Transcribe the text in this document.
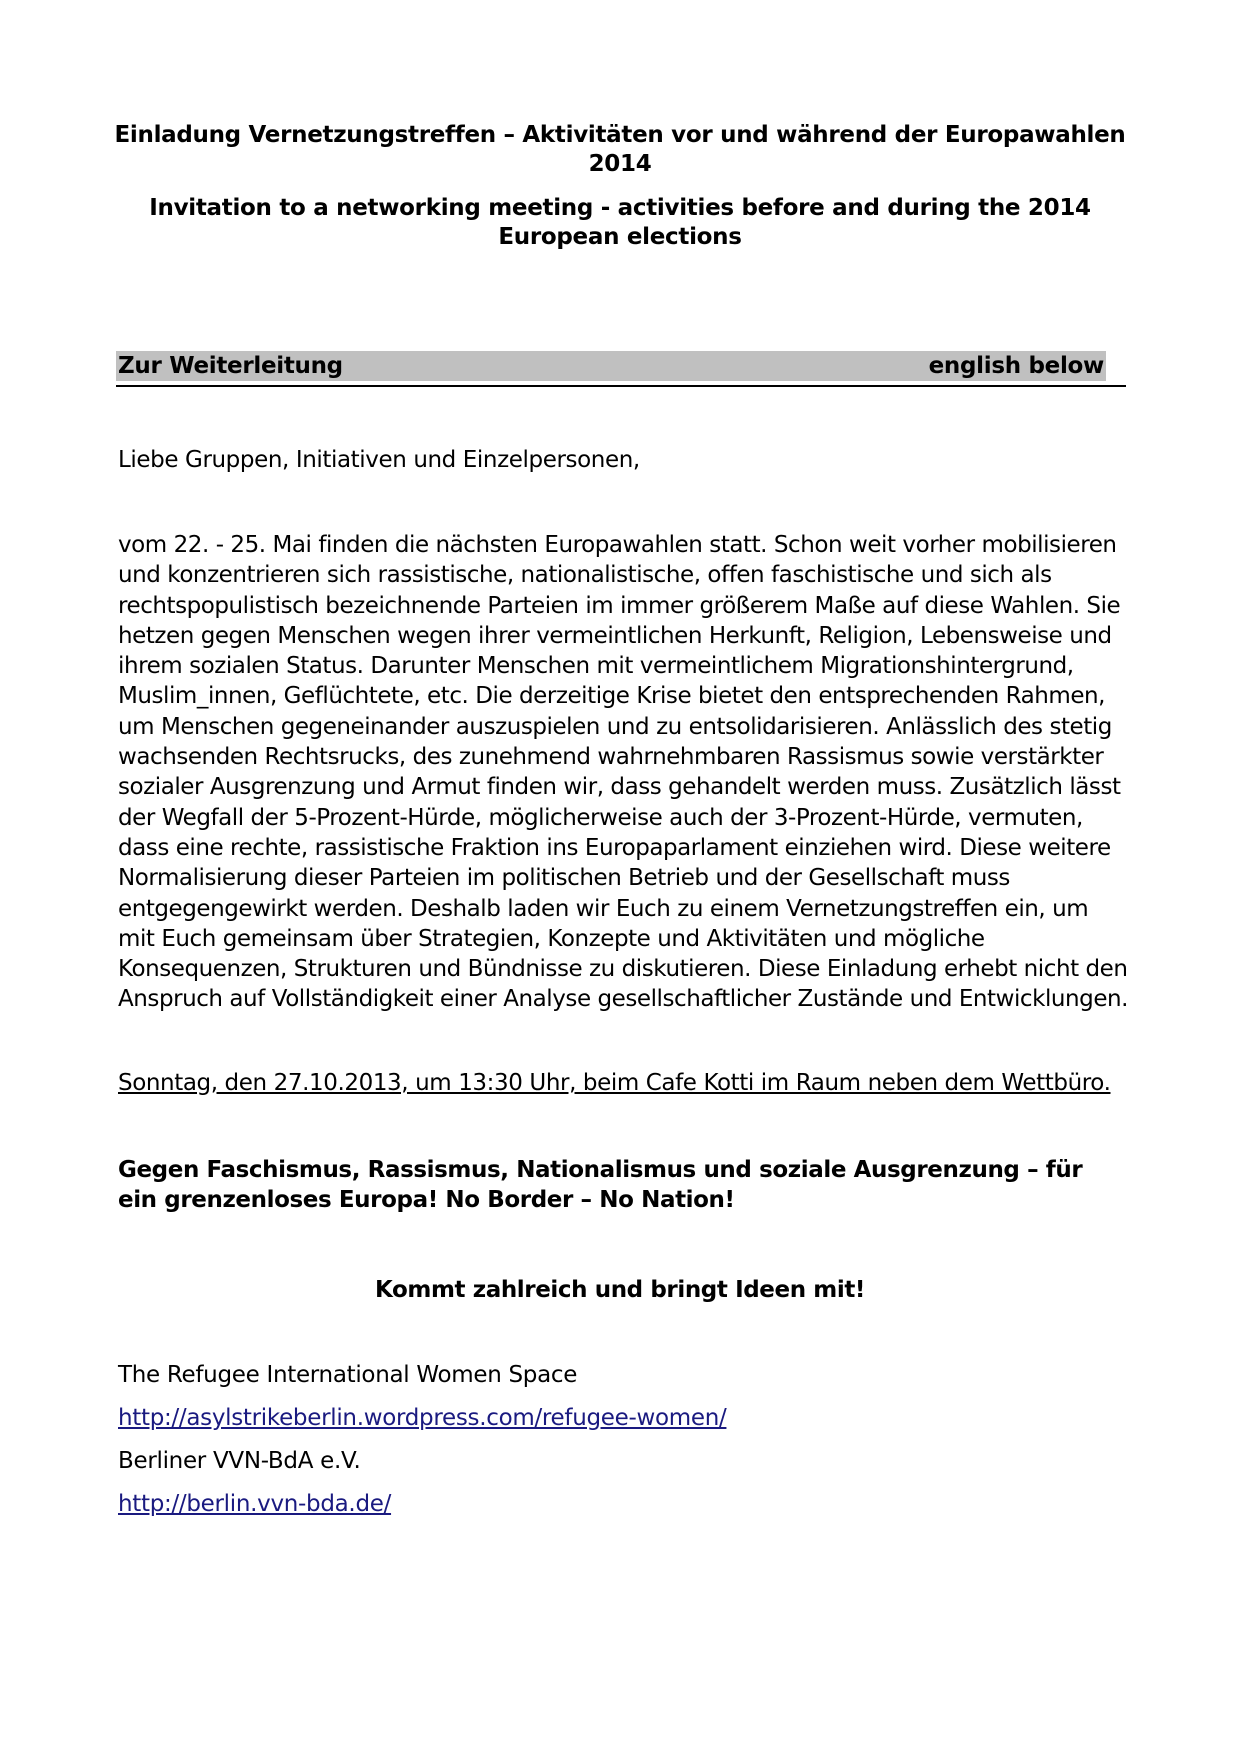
Einladung Vernetzungstreffen – Aktivitäten vor und während der Europawahlen
2014
Invitation to a networking meeting - activities before and during the 2014
European elections
Zur Weiterleitung	english below
Liebe Gruppen, Initiativen und Einzelpersonen,

vom 22. - 25. Mai finden die nächsten Europawahlen statt. Schon weit vorher mobilisieren
und konzentrieren sich rassistische, nationalistische, offen faschistische und sich als
rechtspopulistisch bezeichnende Parteien im immer größerem Maße auf diese Wahlen. Sie
hetzen gegen Menschen wegen ihrer vermeintlichen Herkunft, Religion, Lebensweise und
ihrem sozialen Status. Darunter Menschen mit vermeintlichem Migrationshintergrund,
Muslim_innen, Geflüchtete, etc. Die derzeitige Krise bietet den entsprechenden Rahmen,
um Menschen gegeneinander auszuspielen und zu entsolidarisieren. Anlässlich des stetig
wachsenden Rechtsrucks, des zunehmend wahrnehmbaren Rassismus sowie verstärkter
sozialer Ausgrenzung und Armut finden wir, dass gehandelt werden muss. Zusätzlich lässt
der Wegfall der 5-Prozent-Hürde, möglicherweise auch der 3-Prozent-Hürde, vermuten,
dass eine rechte, rassistische Fraktion ins Europaparlament einziehen wird. Diese weitere
Normalisierung dieser Parteien im politischen Betrieb und der Gesellschaft muss
entgegengewirkt werden. Deshalb laden wir Euch zu einem Vernetzungstreffen ein, um
mit Euch gemeinsam über Strategien, Konzepte und Aktivitäten und mögliche
Konsequenzen, Strukturen und Bündnisse zu diskutieren. Diese Einladung erhebt nicht den
Anspruch auf Vollständigkeit einer Analyse gesellschaftlicher Zustände und Entwicklungen.

Sonntag, den 27.10.2013, um 13:30 Uhr, beim Cafe Kotti im Raum neben dem Wettbüro.
Gegen Faschismus, Rassismus, Nationalismus und soziale Ausgrenzung – für
ein grenzenloses Europa! No Border – No Nation!
Kommt zahlreich und bringt Ideen mit!
The Refugee International Women Space
http://asylstrikeberlin.wordpress.com/refugee-women/
Berliner VVN-BdA e.V.
http://berlin.vvn-bda.de/
